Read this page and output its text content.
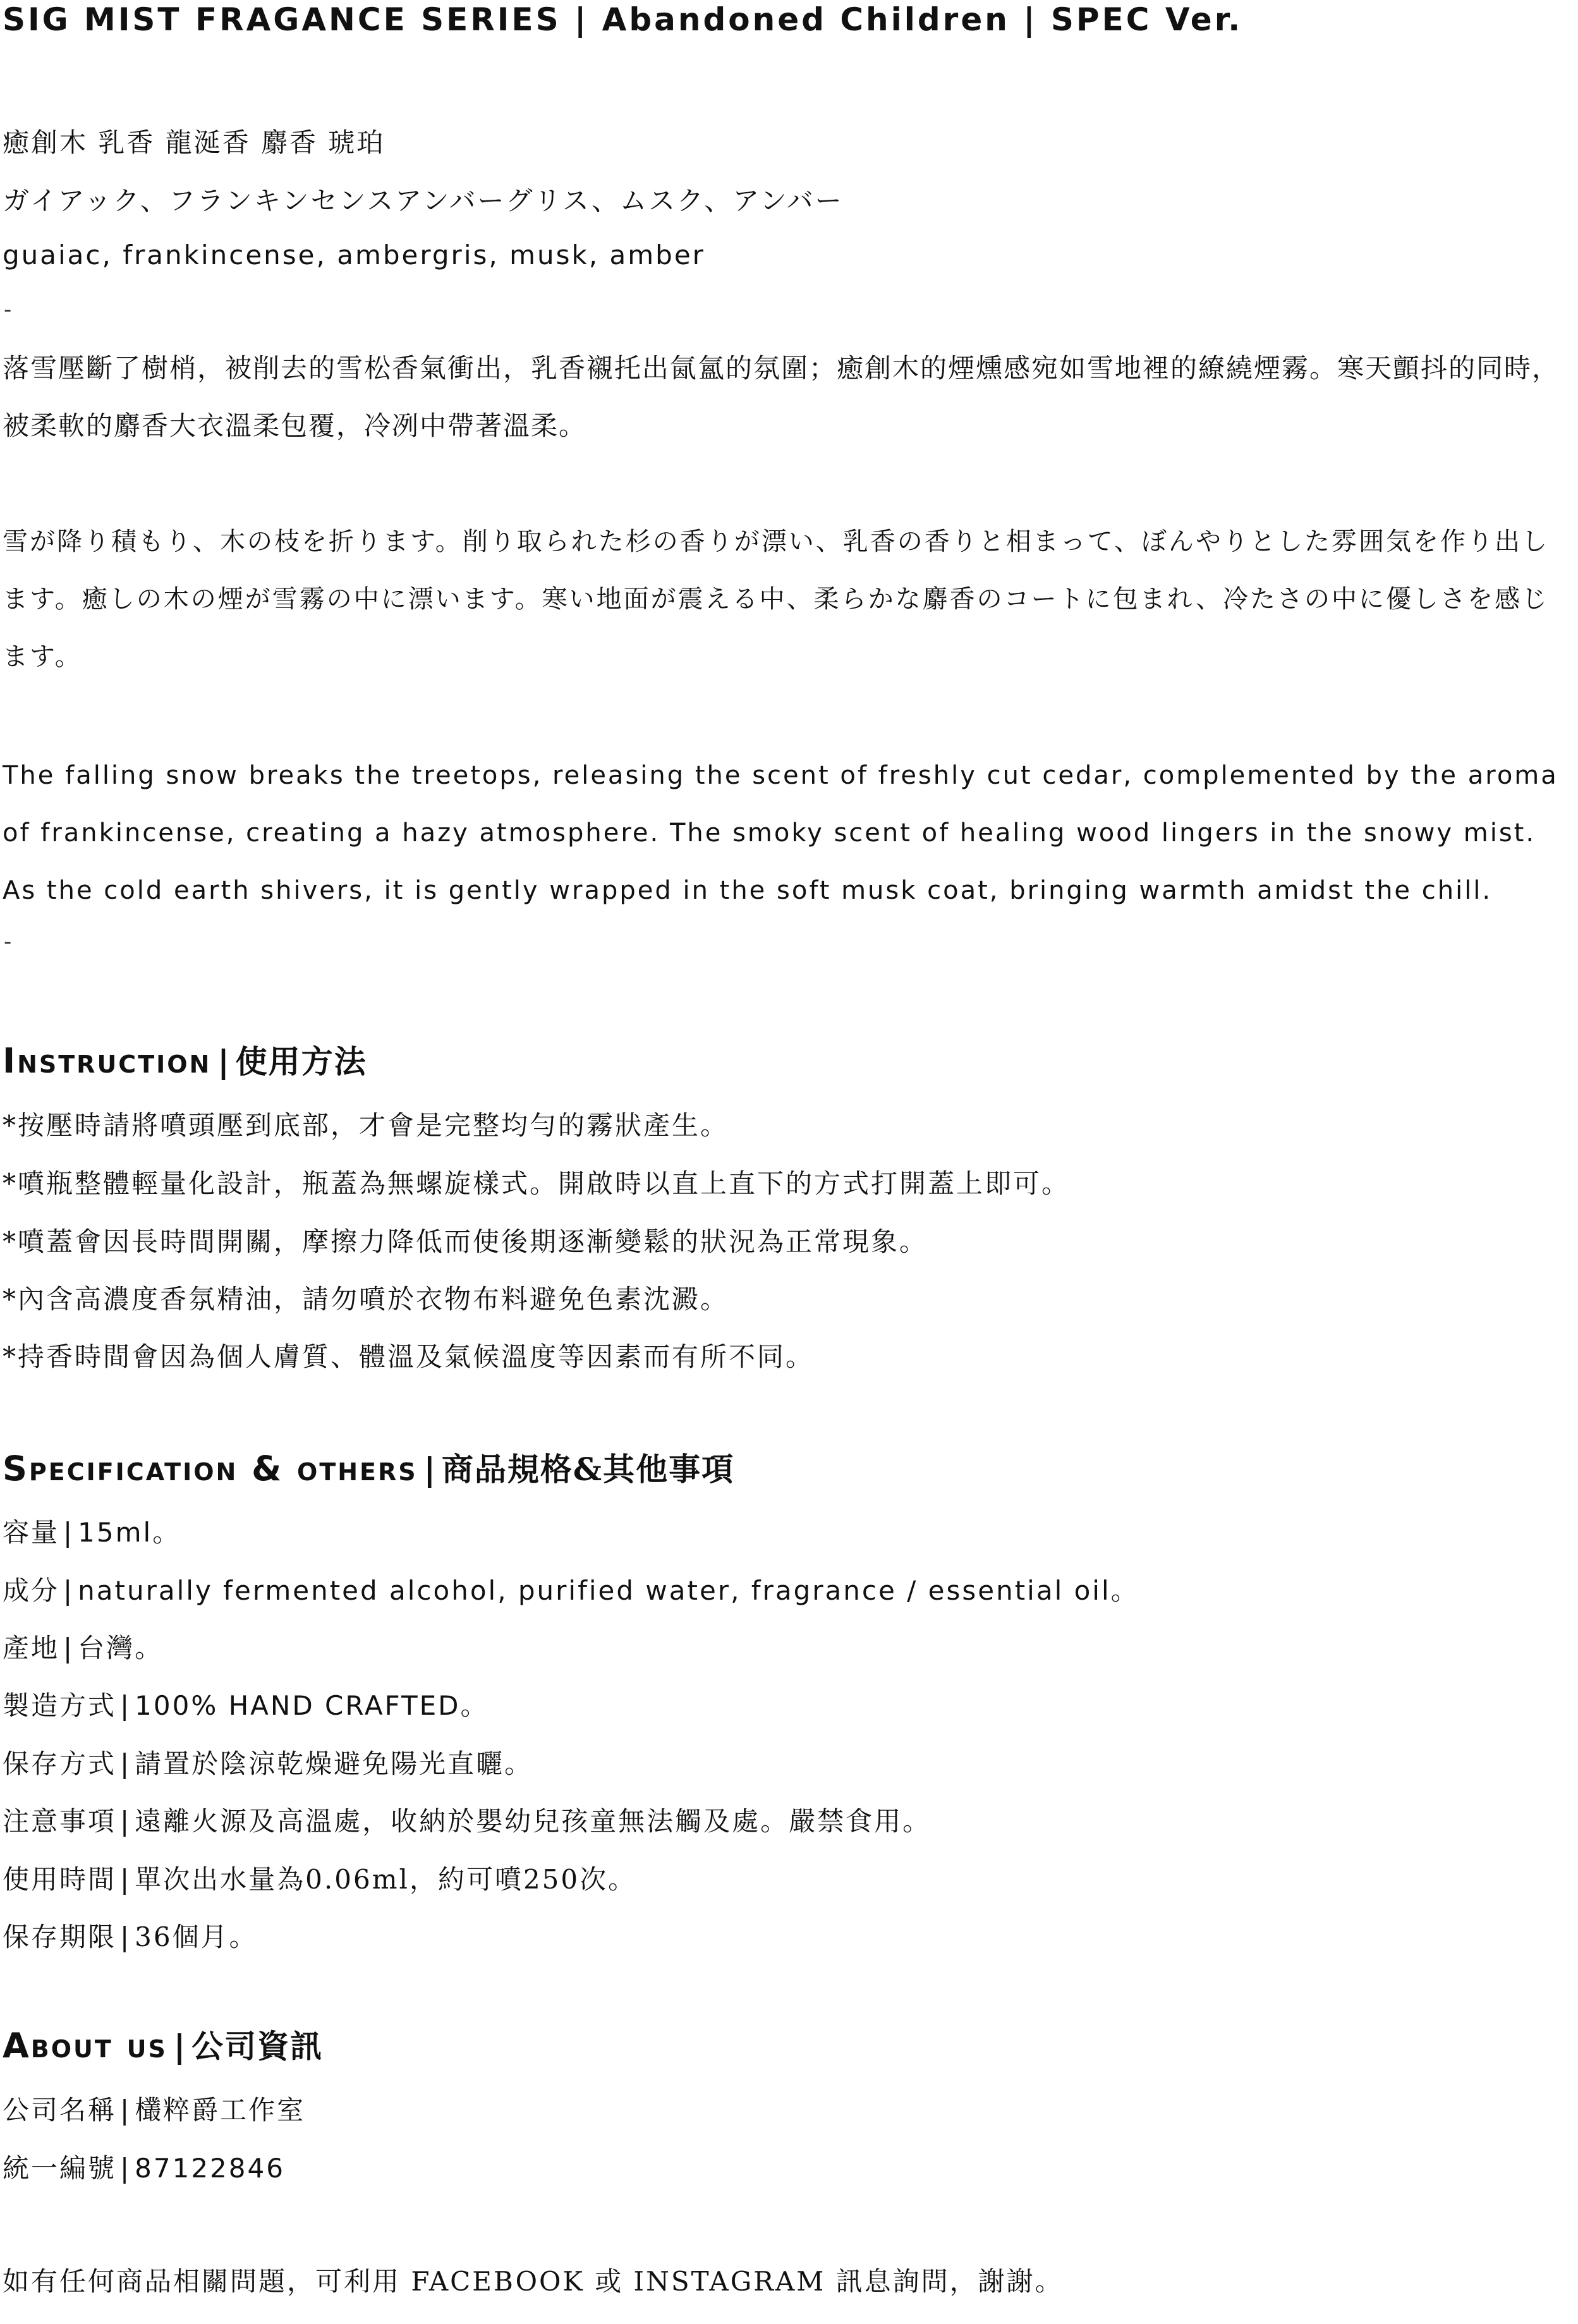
SIG MIST FRAGANCE SERIES | Abandoned Children | SPEC Ver.
癒創木 乳香 龍涎香 麝香 琥珀
ガイアック、フランキンセンスアンバーグリス、ムスク、アンバー
guaiac, frankincense, ambergris, musk, amber
-
落雪壓斷了樹梢，被削去的雪松香氣衝出，乳香襯托出氤氳的氛圍；癒創木的煙燻感宛如雪地裡的繚繞煙霧。寒天顫抖的同時，被柔軟的麝香大衣溫柔包覆，冷冽中帶著溫柔。
雪が降り積もり、木の枝を折ります。削り取られた杉の香りが漂い、乳香の香りと相まって、ぼんやりとした雰囲気を作り出します。癒しの木の煙が雪霧の中に漂います。寒い地面が震える中、柔らかな麝香のコートに包まれ、冷たさの中に優しさを感じます。
The falling snow breaks the treetops, releasing the scent of freshly cut cedar, complemented by the aroma of frankincense, creating a hazy atmosphere. The smoky scent of healing wood lingers in the snowy mist. As the cold earth shivers, it is gently wrapped in the soft musk coat, bringing warmth amidst the chill.
-
Instruction | 使用方法
*按壓時請將噴頭壓到底部，才會是完整均勻的霧狀產生。
*噴瓶整體輕量化設計，瓶蓋為無螺旋樣式。開啟時以直上直下的方式打開蓋上即可。
*噴蓋會因長時間開關，摩擦力降低而使後期逐漸變鬆的狀況為正常現象。
*內含高濃度香氛精油，請勿噴於衣物布料避免色素沈澱。
*持香時間會因為個人膚質、體溫及氣候溫度等因素而有所不同。
Specification & others | 商品規格&其他事項
容量 | 15ml。
成分 | naturally fermented alcohol, purified water, fragrance / essential oil。
產地 | 台灣。
製造方式 | 100% HAND CRAFTED。
保存方式 | 請置於陰涼乾燥避免陽光直曬。
注意事項 | 遠離火源及高溫處，收納於嬰幼兒孩童無法觸及處。嚴禁食用。
使用時間 | 單次出水量為0.06ml，約可噴250次。
保存期限 | 36個月。
About us | 公司資訊
公司名稱 | 欉粹爵工作室
統一編號 | 87122846
如有任何商品相關問題，可利用 FACEBOOK 或 INSTAGRAM 訊息詢問，謝謝。
